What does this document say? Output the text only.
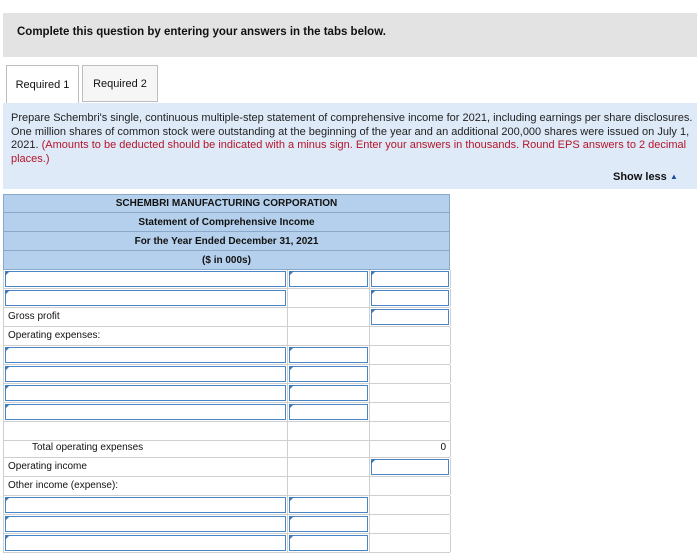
Complete this question by entering your answers in the tabs below.
Required 1	Required 2
Prepare Schembri's single, continuous multiple-step statement of comprehensive income for 2021, including earnings per share disclosures. One million shares of common stock were outstanding at the beginning of the year and an additional 200,000 shares were issued on July 1, 2021. (Amounts to be deducted should be indicated with a minus sign. Enter your answers in thousands. Round EPS answers to 2 decimal places.)
Show less ▲
SCHEMBRI MANUFACTURING CORPORATION
Statement of Comprehensive Income
For the Year Ended December 31, 2021
($ in 000s)
Gross profit
Operating expenses:
Total operating expenses	0
Operating income
Other income (expense):
